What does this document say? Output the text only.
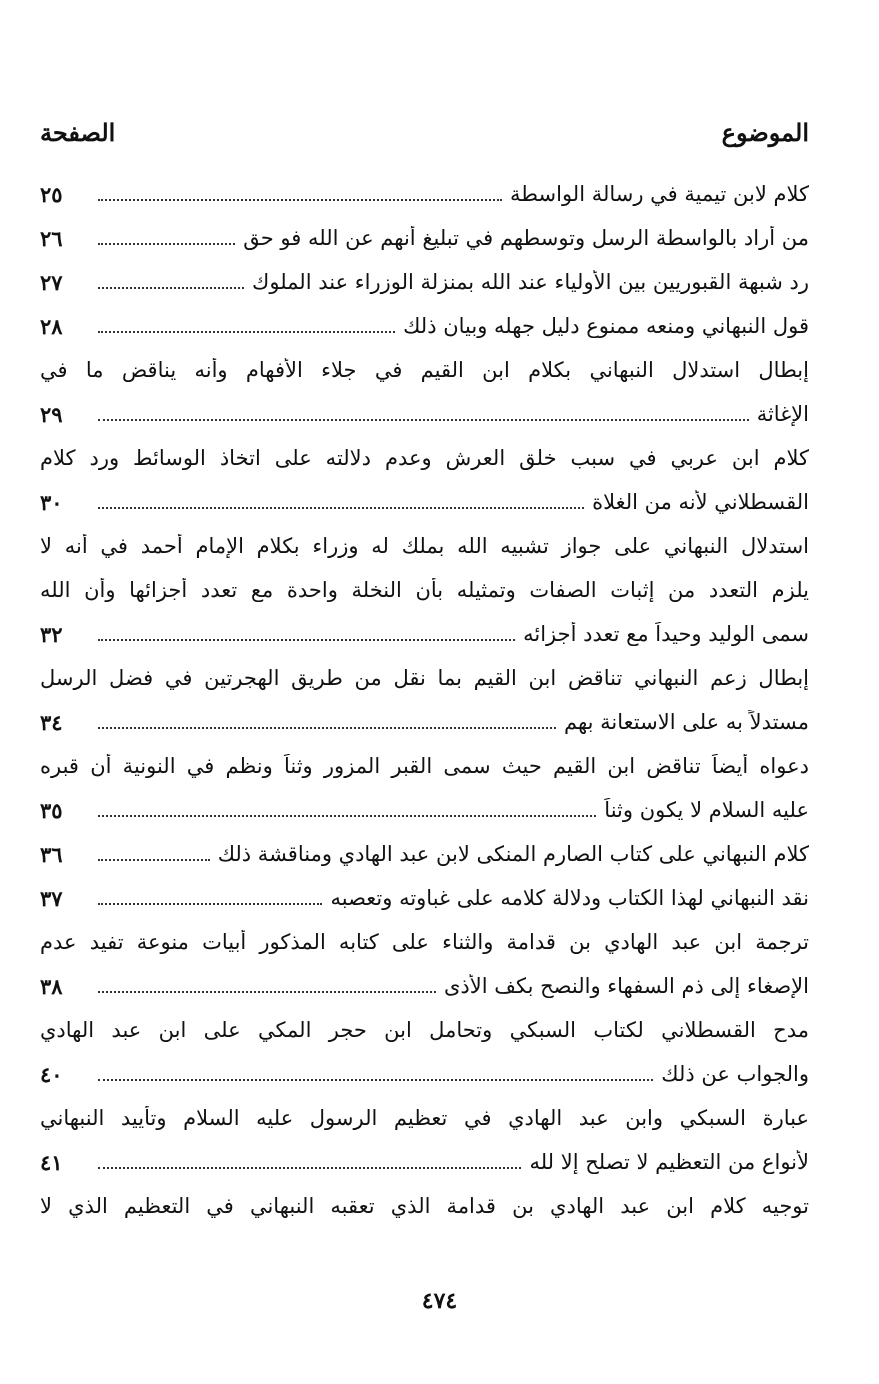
الموضوع
الصفحة
كلام لابن تيمية في رسالة الواسطة
٢٥
من أراد بالواسطة الرسل وتوسطهم في تبليغ أنهم عن الله فو حق
٢٦
رد شبهة القبوريين بين الأولياء عند الله بمنزلة الوزراء عند الملوك
٢٧
قول النبهاني ومنعه ممنوع دليل جهله وبيان ذلك
٢٨
إبطال استدلال النبهاني بكلام ابن القيم في جلاء الأفهام وأنه يناقض ما في
الإغاثة
٢٩
كلام ابن عربي في سبب خلق العرش وعدم دلالته على اتخاذ الوسائط ورد كلام
القسطلاني لأنه من الغلاة
٣٠
استدلال النبهاني على جواز تشبيه الله بملك له وزراء بكلام الإمام أحمد في أنه لا
يلزم التعدد من إثبات الصفات وتمثيله بأن النخلة واحدة مع تعدد أجزائها وأن الله
سمى الوليد وحيداً مع تعدد أجزائه
٣٢
إبطال زعم النبهاني تناقض ابن القيم بما نقل من طريق الهجرتين في فضل الرسل
مستدلاً به على الاستعانة بهم
٣٤
دعواه أيضاً تناقض ابن القيم حيث سمى القبر المزور وثناً ونظم في النونية أن قبره
عليه السلام لا يكون وثناً
٣٥
كلام النبهاني على كتاب الصارم المنكى لابن عبد الهادي ومناقشة ذلك
٣٦
نقد النبهاني لهذا الكتاب ودلالة كلامه على غباوته وتعصبه
٣٧
ترجمة ابن عبد الهادي بن قدامة والثناء على كتابه المذكور أبيات منوعة تفيد عدم
الإصغاء إلى ذم السفهاء والنصح بكف الأذى
٣٨
مدح القسطلاني لكتاب السبكي وتحامل ابن حجر المكي على ابن عبد الهادي
والجواب عن ذلك
٤٠
عبارة السبكي وابن عبد الهادي في تعظيم الرسول عليه السلام وتأييد النبهاني
لأنواع من التعظيم لا تصلح إلا لله
٤١
توجيه كلام ابن عبد الهادي بن قدامة الذي تعقبه النبهاني في التعظيم الذي لا
٤٧٤
